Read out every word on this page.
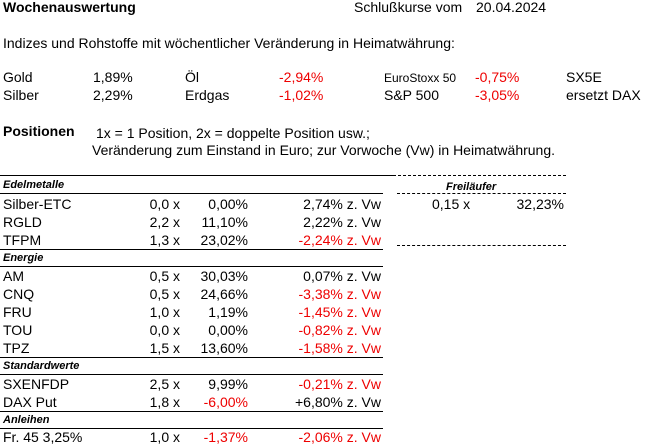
Wochenauswertung	Schlußkurse vom 20.04.2024
Indizes und Rohstoffe mit wöchentlicher Veränderung in Heimatwährung:
Gold	1,89%	Öl	-2,94%	EuroStoxx 50 -0,75%	SX5E
Silber	2,29%	Erdgas	-1,02%	S&P 500	-3,05%	ersetzt DAX
Positionen 1x = 1 Position, 2x = doppelte Position usw.;
Veränderung zum Einstand in Euro; zur Vorwoche (Vw) in Heimatwährung.
Edelmetalle
Silber-ETC	0,0 x	0,00%	2,74% z. Vw
RGLD	2,2 x	11,10%	2,22% z. Vw
TFPM	1,3 x	23,02%	-2,24% z. Vw
Freiläufer
0,15 x	32,23%
Energie
AM	0,5 x	30,03%	0,07% z. Vw
CNQ	0,5 x	24,66%	-3,38% z. Vw
FRU	1,0 x	1,19%	-1,45% z. Vw
TOU	0,0 x	0,00%	-0,82% z. Vw
TPZ	1,5 x	13,60%	-1,58% z. Vw
Standardwerte
SXENFDP	2,5 x	9,99%	-0,21% z. Vw
DAX Put	1,8 x	-6,00%	+6,80% z. Vw
Anleihen
Fr. 45 3,25%	1,0 x	-1,37%	-2,06% z. Vw
